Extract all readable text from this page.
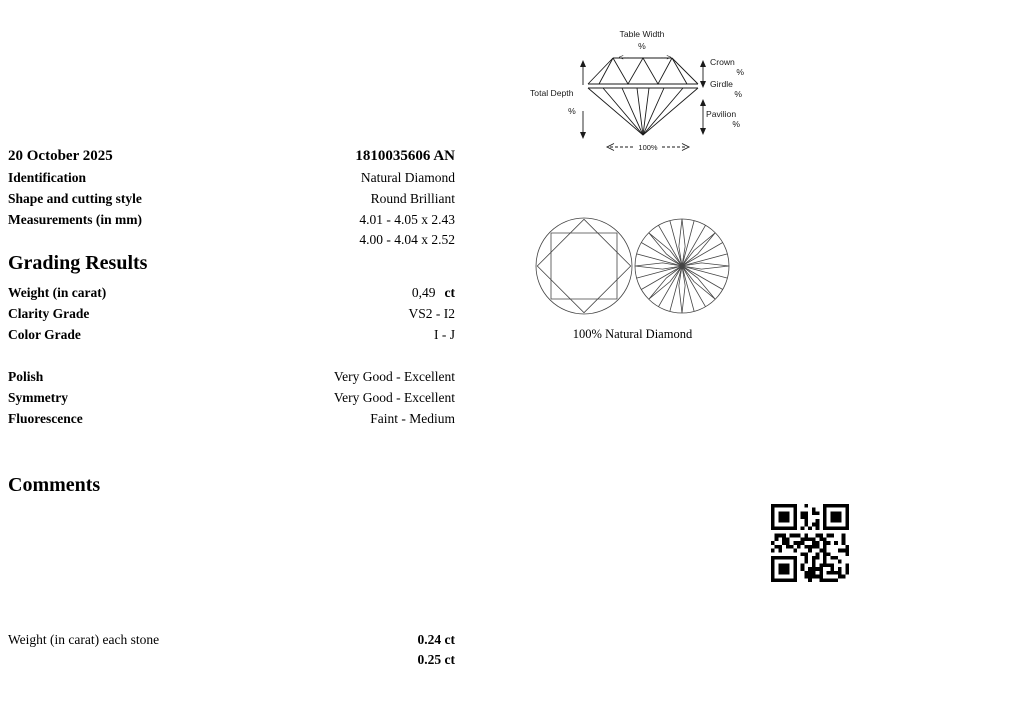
20 October 2025	1810035606 AN
Identification	Natural Diamond
Shape and cutting style	Round Brilliant
Measurements (in mm)	4.01 - 4.05 x 2.43
4.00 - 4.04 x 2.52
Grading Results
Weight (in carat)	0,49 ct
Clarity Grade	VS2 - I2
Color Grade	I - J
Polish	Very Good - Excellent
Symmetry	Very Good - Excellent
Fluorescence	Faint - Medium
Comments
Weight (in carat) each stone	0.24 ct
0.25 ct
Table Width
%
<--	-->	Crown
%
Girdle
%
Pavilion
%
Total Depth
%
100%
100% Natural Diamond
